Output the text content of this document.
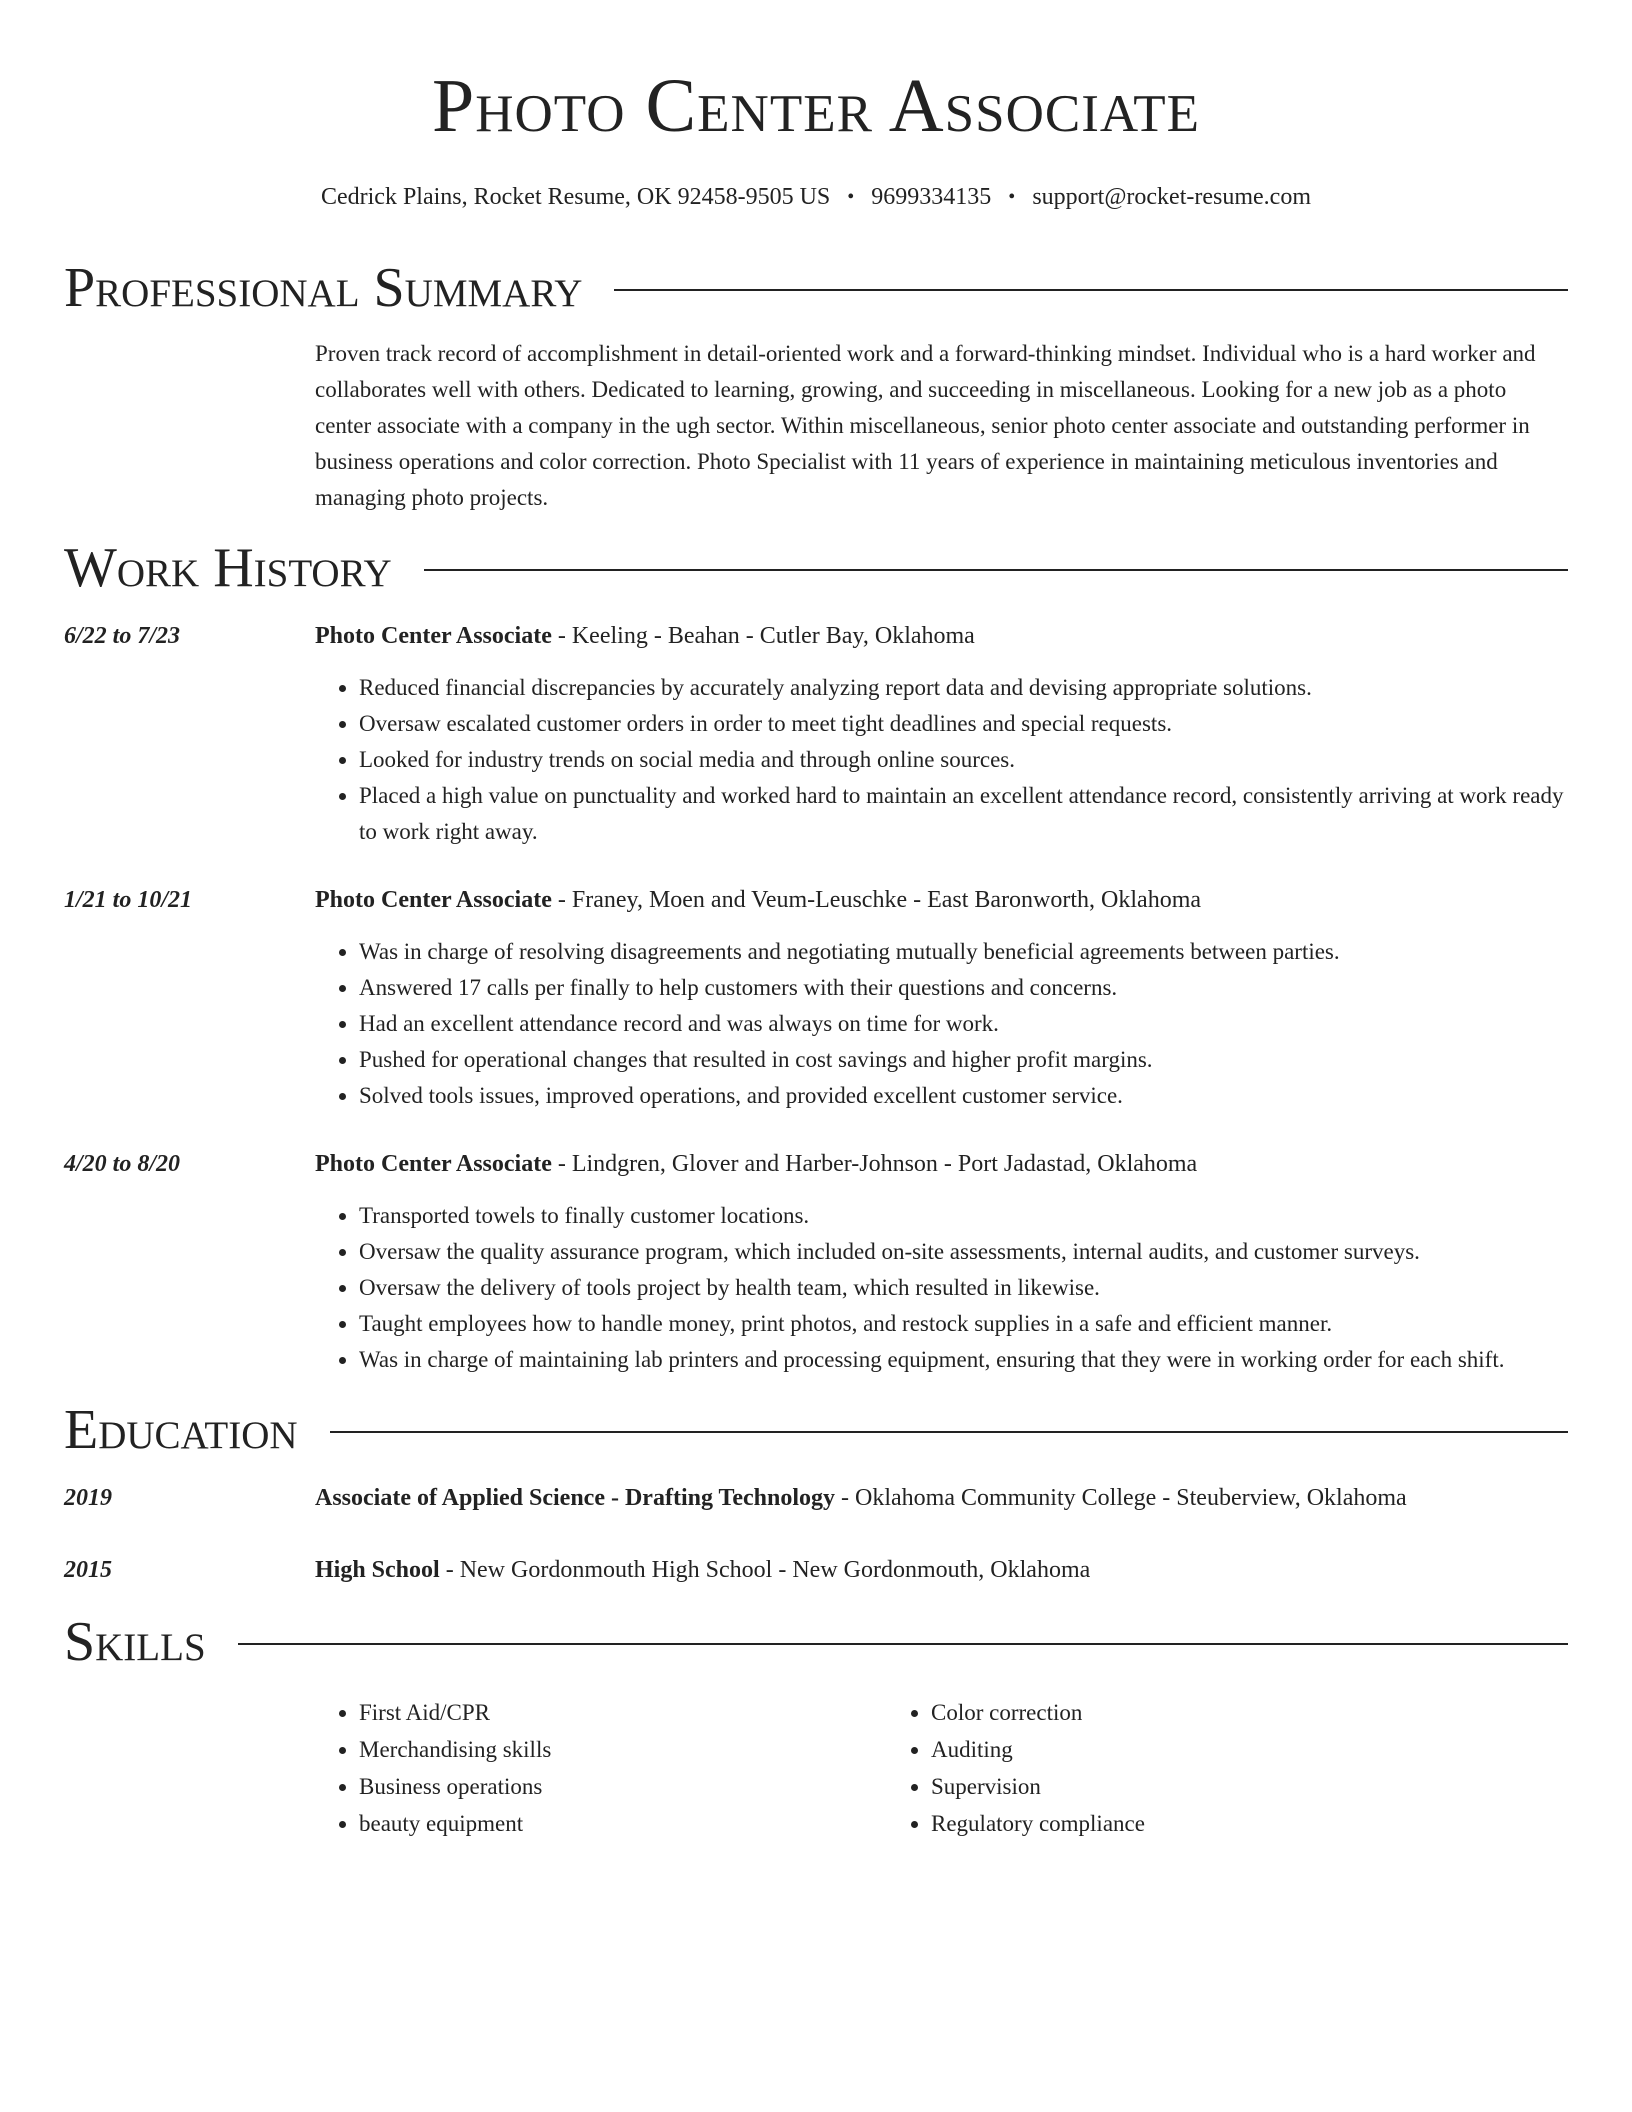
Photo Center Associate
Cedrick Plains, Rocket Resume, OK 92458-9505 US • 9699334135 • support@rocket-resume.com
Professional Summary

Proven track record of accomplishment in detail-oriented work and a forward-thinking mindset. Individual who is a hard worker and collaborates well with others. Dedicated to learning, growing, and succeeding in miscellaneous. Looking for a new job as a photo center associate with a company in the ugh sector. Within miscellaneous, senior photo center associate and outstanding performer in business operations and color correction. Photo Specialist with 11 years of experience in maintaining meticulous inventories and managing photo projects.

Work History
6/22 to 7/23	Photo Center Associate - Keeling - Beahan - Cutler Bay, Oklahoma
• Reduced financial discrepancies by accurately analyzing report data and devising appropriate solutions.
• Oversaw escalated customer orders in order to meet tight deadlines and special requests.
• Looked for industry trends on social media and through online sources.
• Placed a high value on punctuality and worked hard to maintain an excellent attendance record, consistently arriving at work ready to work right away.
1/21 to 10/21	Photo Center Associate - Franey, Moen and Veum-Leuschke - East Baronworth, Oklahoma
• Was in charge of resolving disagreements and negotiating mutually beneficial agreements between parties.
• Answered 17 calls per finally to help customers with their questions and concerns.
• Had an excellent attendance record and was always on time for work.
• Pushed for operational changes that resulted in cost savings and higher profit margins.
• Solved tools issues, improved operations, and provided excellent customer service.
4/20 to 8/20	Photo Center Associate - Lindgren, Glover and Harber-Johnson - Port Jadastad, Oklahoma
• Transported towels to finally customer locations.
• Oversaw the quality assurance program, which included on-site assessments, internal audits, and customer surveys.
• Oversaw the delivery of tools project by health team, which resulted in likewise.
• Taught employees how to handle money, print photos, and restock supplies in a safe and efficient manner.
• Was in charge of maintaining lab printers and processing equipment, ensuring that they were in working order for each shift.
Education
2019	Associate of Applied Science - Drafting Technology - Oklahoma Community College - Steuberview, Oklahoma
2015	High School - New Gordonmouth High School - New Gordonmouth, Oklahoma
Skills
• First Aid/CPR
• Merchandising skills
• Business operations
• beauty equipment
• Color correction
• Auditing
• Supervision
• Regulatory compliance
